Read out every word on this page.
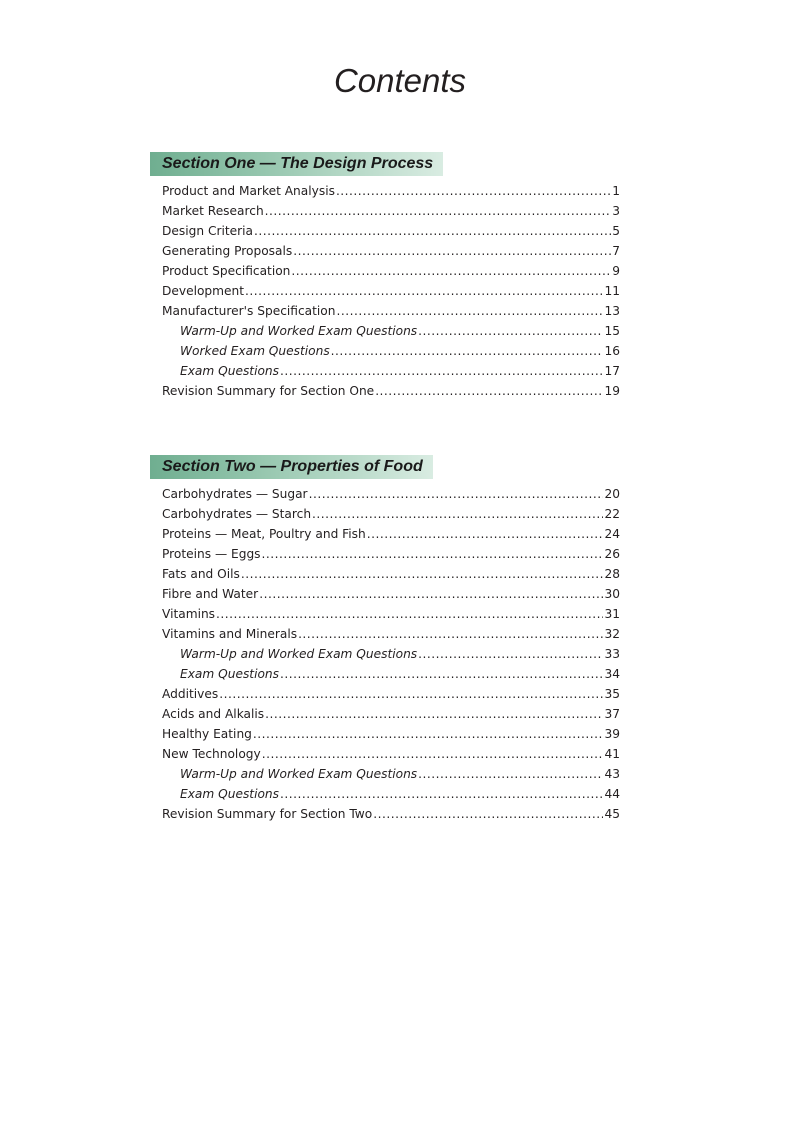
Contents
Section One — The Design Process
Product and Market Analysis .....	1
Market Research .....	3
Design Criteria .....	5
Generating Proposals .....	7
Product Specification .....	9
Development .....	11
Manufacturer's Specification .....	13
Warm-Up and Worked Exam Questions .....	15
Worked Exam Questions .....	16
Exam Questions .....	17
Revision Summary for Section One .....	19
Section Two — Properties of Food
Carbohydrates — Sugar .....	20
Carbohydrates — Starch .....	22
Proteins — Meat, Poultry and Fish .....	24
Proteins — Eggs .....	26
Fats and Oils .....	28
Fibre and Water .....	30
Vitamins .....	31
Vitamins and Minerals .....	32
Warm-Up and Worked Exam Questions .....	33
Exam Questions .....	34
Additives .....	35
Acids and Alkalis .....	37
Healthy Eating .....	39
New Technology .....	41
Warm-Up and Worked Exam Questions .....	43
Exam Questions .....	44
Revision Summary for Section Two .....	45
